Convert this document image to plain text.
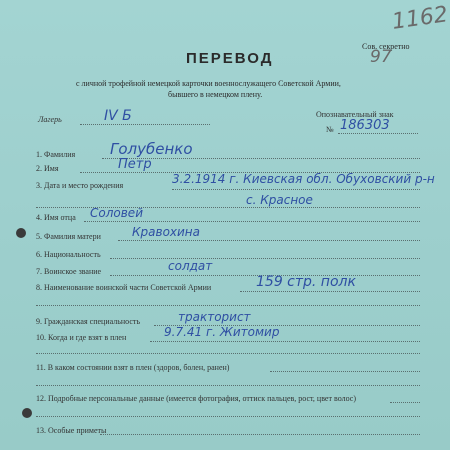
1162
Сов. секретно
97
ПЕРЕВОД
с личной трофейной немецкой карточки военнослужащего Советской Армии,
бывшего в немецком плену.
Лагерь	IV Б	Опознавательный знак
№ 186303
1. Фамилия Голубенко
2. Имя	Петр
3. Дата и место рождения	3.2.1914 г. Киевская обл. Обуховский р-н
с. Красное
4. Имя отца Соловей
5. Фамилия матери	Кравохина
6. Национальность
7. Воинское звание	солдат
8. Наименование воинской части Советской Армии	159 стр. полк
9. Гражданская специальность	тракторист
10. Когда и где взят в плен	9.7.41 г. Житомир
11. В каком состоянии взят в плен (здоров, болен, ранен)
12. Подробные персональные данные (имеется фотография, оттиск пальцев, рост, цвет волос)
13. Особые приметы
